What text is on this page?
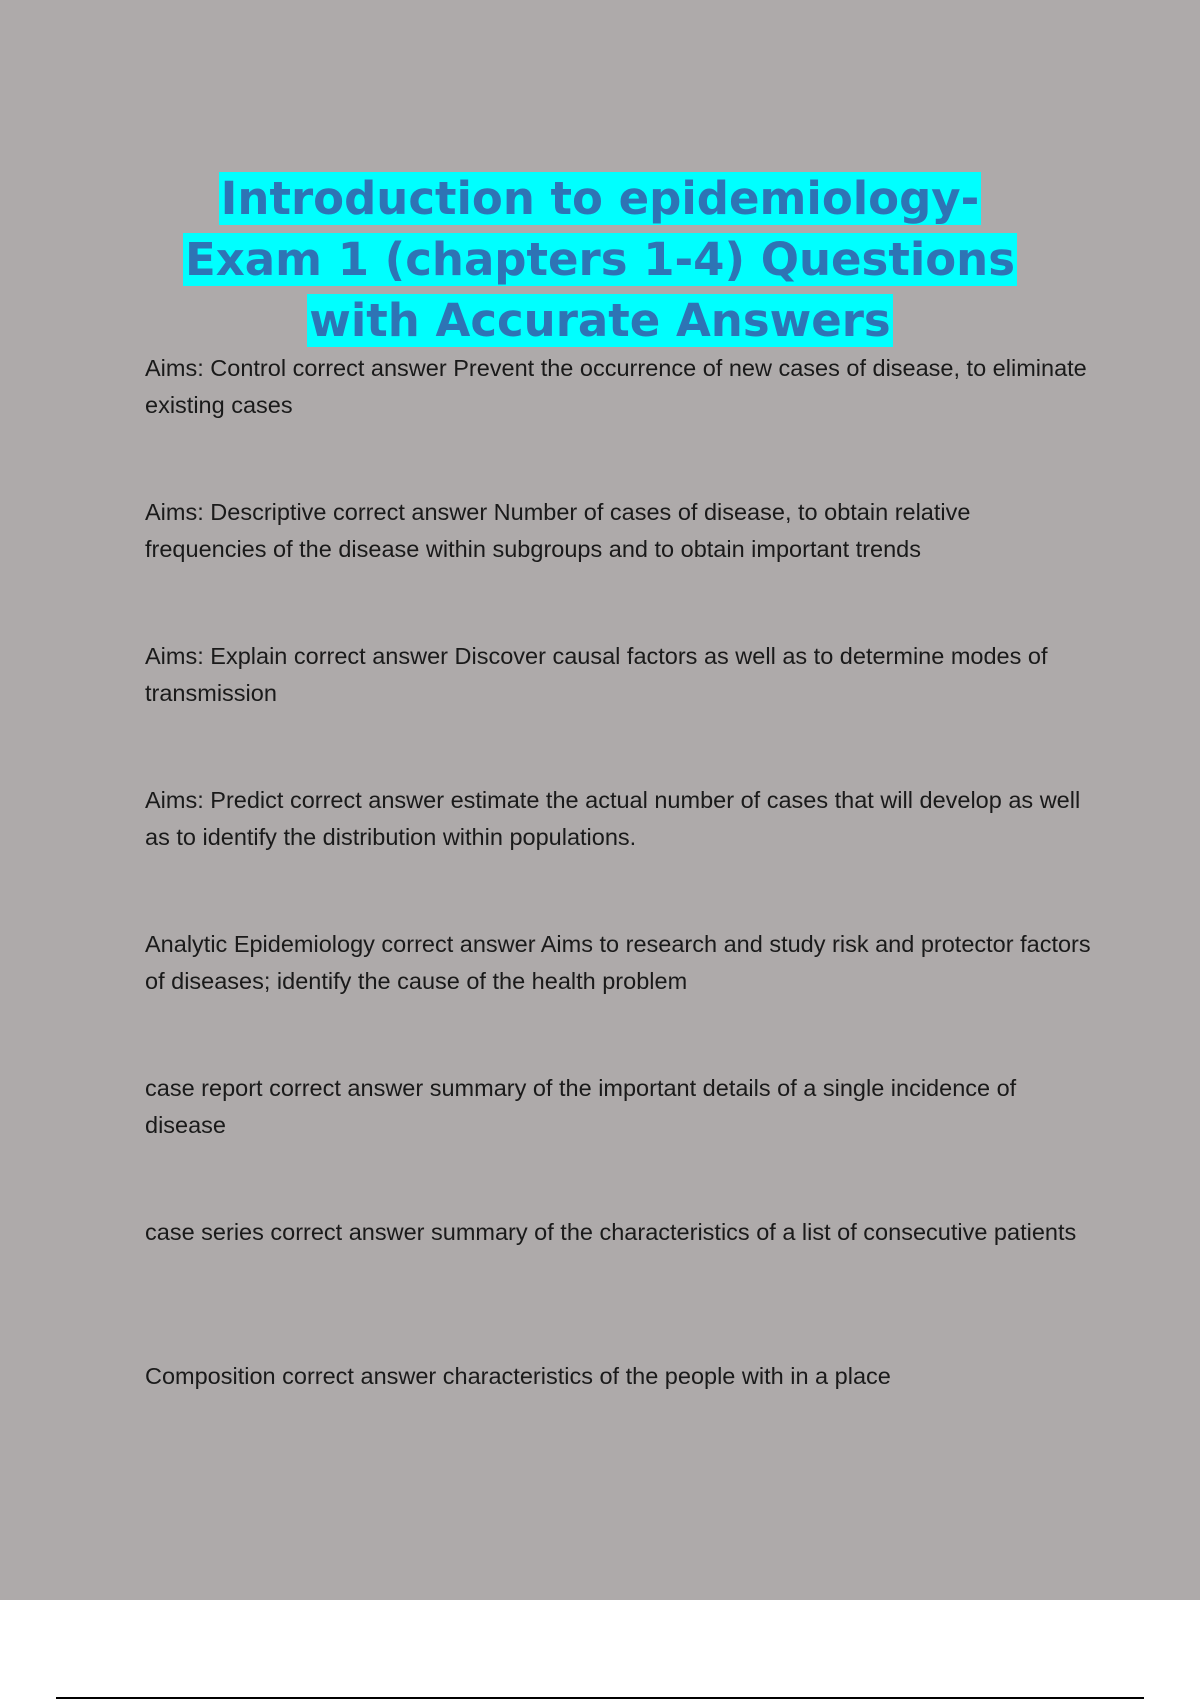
Introduction to epidemiology-
Exam 1 (chapters 1-4) Questions
with Accurate Answers

Aims: Control correct answer Prevent the occurrence of new cases of disease, to eliminate existing cases

Aims: Descriptive correct answer Number of cases of disease, to obtain relative frequencies of the disease within subgroups and to obtain important trends

Aims: Explain correct answer Discover causal factors as well as to determine modes of transmission

Aims: Predict correct answer estimate the actual number of cases that will develop as well as to identify the distribution within populations.

Analytic Epidemiology correct answer Aims to research and study risk and protector factors of diseases; identify the cause of the health problem

case report correct answer summary of the important details of a single incidence of disease

case series correct answer summary of the characteristics of a list of consecutive patients

Composition correct answer characteristics of the people with in a place
